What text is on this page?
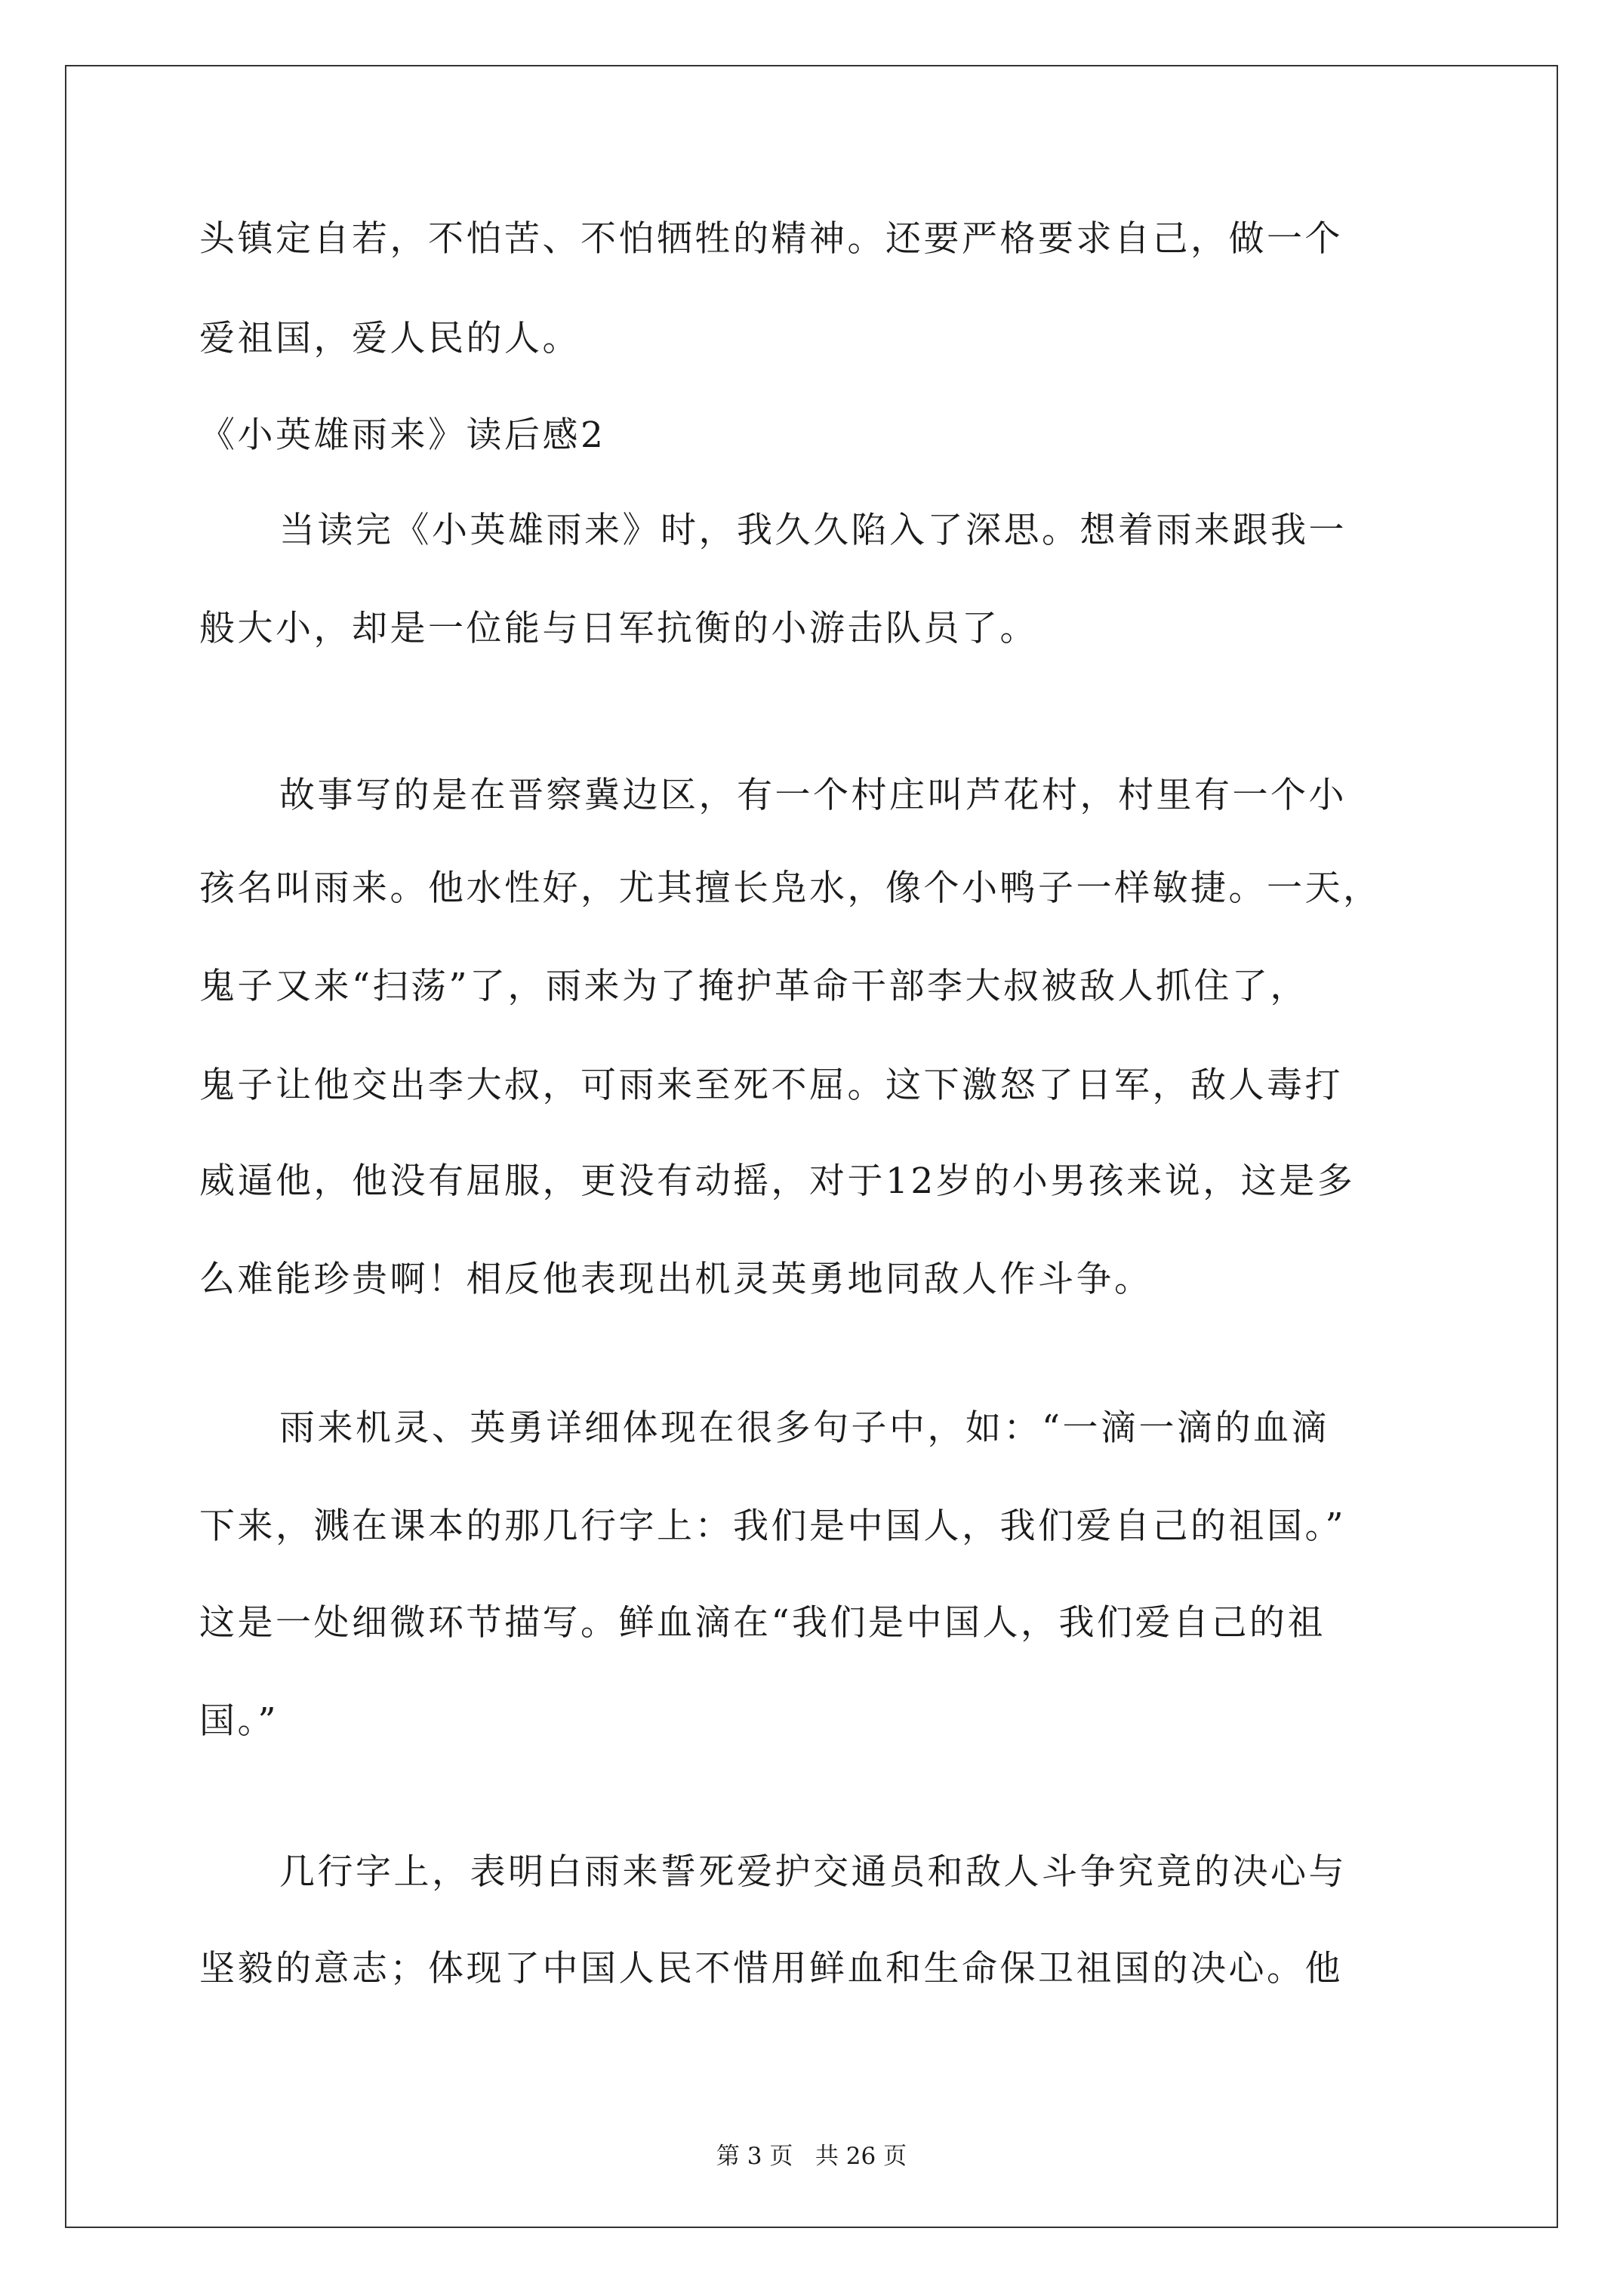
头镇定自若，不怕苦、不怕牺牲的精神。还要严格要求自己，做一个
爱祖国，爱人民的人。
《小英雄雨来》读后感2
当读完《小英雄雨来》时，我久久陷入了深思。想着雨来跟我一
般大小，却是一位能与日军抗衡的小游击队员了。
故事写的是在晋察冀边区，有一个村庄叫芦花村，村里有一个小
孩名叫雨来。他水性好，尤其擅长凫水，像个小鸭子一样敏捷。一天，
鬼子又来“扫荡”了，雨来为了掩护革命干部李大叔被敌人抓住了，
鬼子让他交出李大叔，可雨来至死不屈。这下激怒了日军，敌人毒打
威逼他，他没有屈服，更没有动摇，对于12岁的小男孩来说，这是多
么难能珍贵啊！相反他表现出机灵英勇地同敌人作斗争。
雨来机灵、英勇详细体现在很多句子中，如：“一滴一滴的血滴
下来，溅在课本的那几行字上：我们是中国人，我们爱自己的祖国。”
这是一处细微环节描写。鲜血滴在“我们是中国人，我们爱自己的祖
国。”
几行字上，表明白雨来誓死爱护交通员和敌人斗争究竟的决心与
坚毅的意志；体现了中国人民不惜用鲜血和生命保卫祖国的决心。他
第 3 页   共 26 页
